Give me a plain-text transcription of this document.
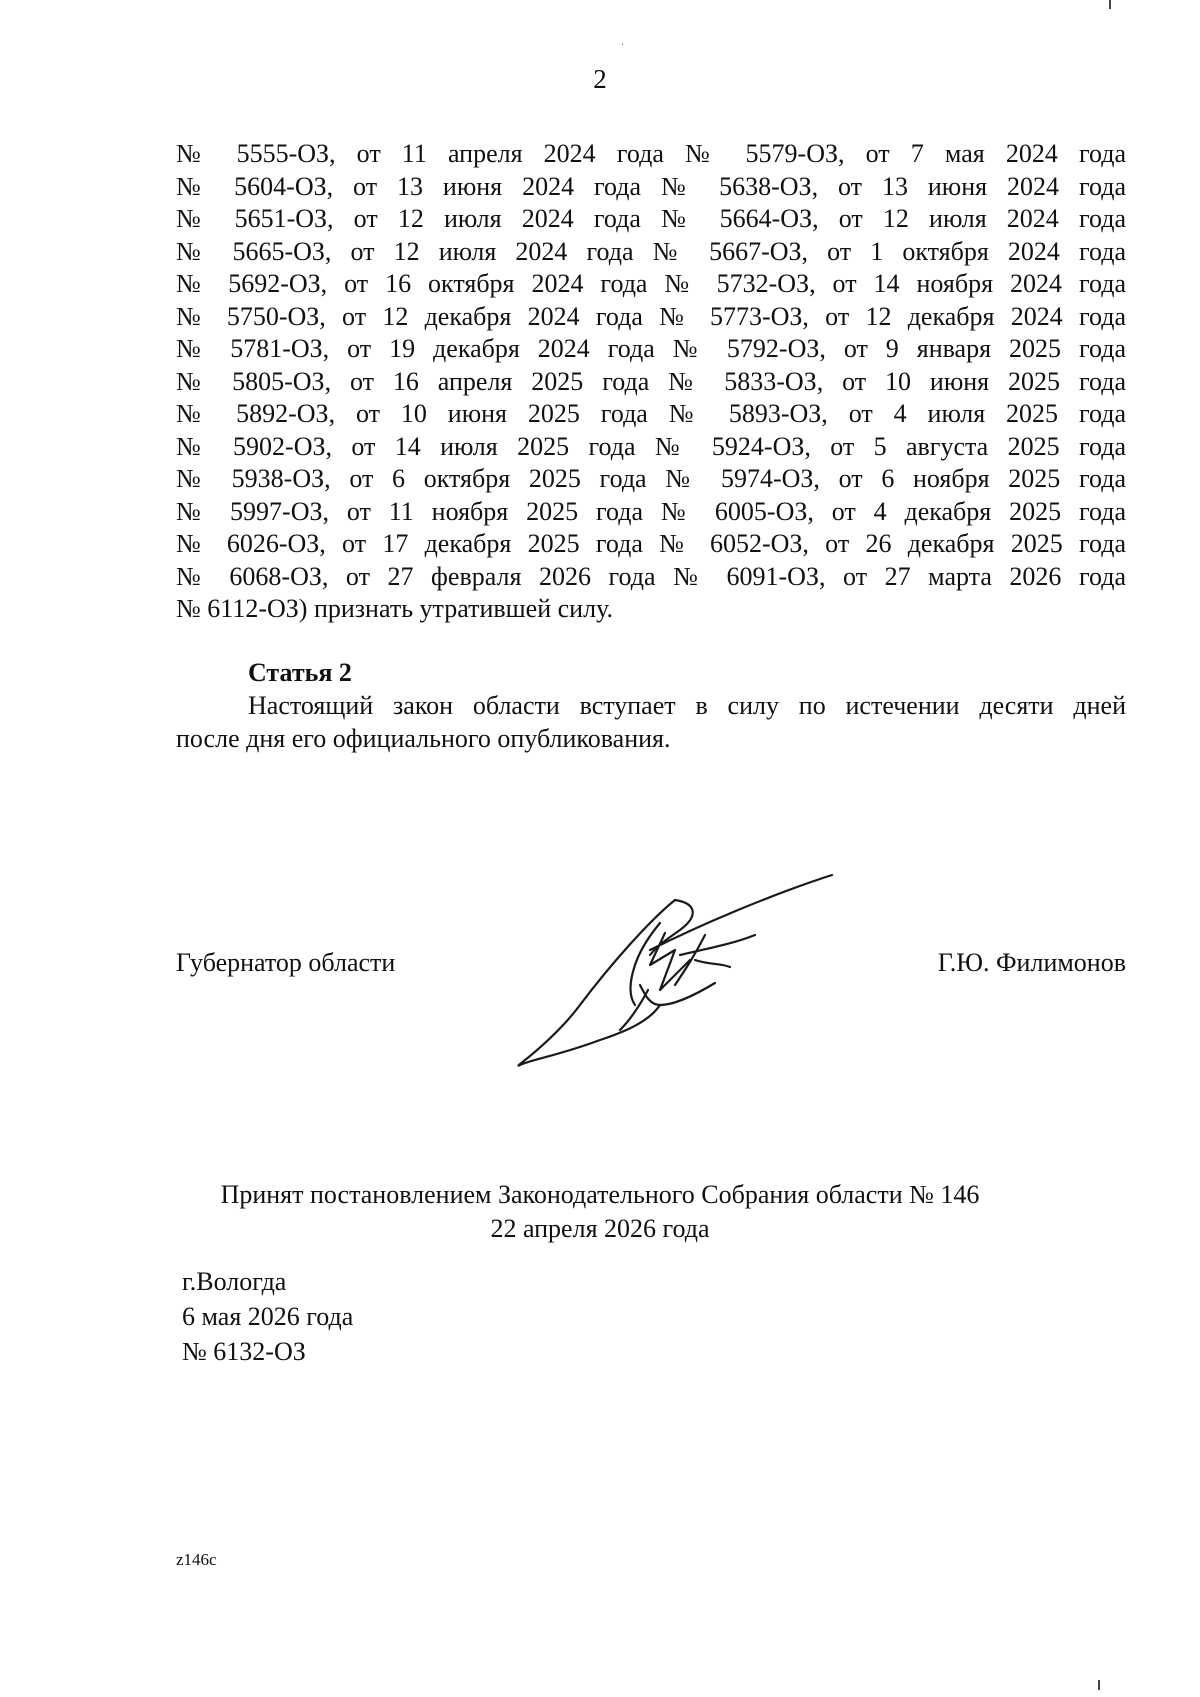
2
№ 5555-ОЗ, от 11 апреля 2024 года № 5579-ОЗ, от 7 мая 2024 года
№ 5604-ОЗ, от 13 июня 2024 года № 5638-ОЗ, от 13 июня 2024 года
№ 5651-ОЗ, от 12 июля 2024 года № 5664-ОЗ, от 12 июля 2024 года
№ 5665-ОЗ, от 12 июля 2024 года № 5667-ОЗ, от 1 октября 2024 года
№ 5692-ОЗ, от 16 октября 2024 года № 5732-ОЗ, от 14 ноября 2024 года
№ 5750-ОЗ, от 12 декабря 2024 года № 5773-ОЗ, от 12 декабря 2024 года
№ 5781-ОЗ, от 19 декабря 2024 года № 5792-ОЗ, от 9 января 2025 года
№ 5805-ОЗ, от 16 апреля 2025 года № 5833-ОЗ, от 10 июня 2025 года
№ 5892-ОЗ, от 10 июня 2025 года № 5893-ОЗ, от 4 июля 2025 года
№ 5902-ОЗ, от 14 июля 2025 года № 5924-ОЗ, от 5 августа 2025 года
№ 5938-ОЗ, от 6 октября 2025 года № 5974-ОЗ, от 6 ноября 2025 года
№ 5997-ОЗ, от 11 ноября 2025 года № 6005-ОЗ, от 4 декабря 2025 года
№ 6026-ОЗ, от 17 декабря 2025 года № 6052-ОЗ, от 26 декабря 2025 года
№ 6068-ОЗ, от 27 февраля 2026 года № 6091-ОЗ, от 27 марта 2026 года
№ 6112-ОЗ) признать утратившей силу.
Статья 2
Настоящий закон области вступает в силу по истечении десяти дней
после дня его официального опубликования.
Губернатор области	Г.Ю. Филимонов
Принят постановлением Законодательного Собрания области № 146
22 апреля 2026 года
г.Вологда
6 мая 2026 года
№ 6132-ОЗ
z146c
